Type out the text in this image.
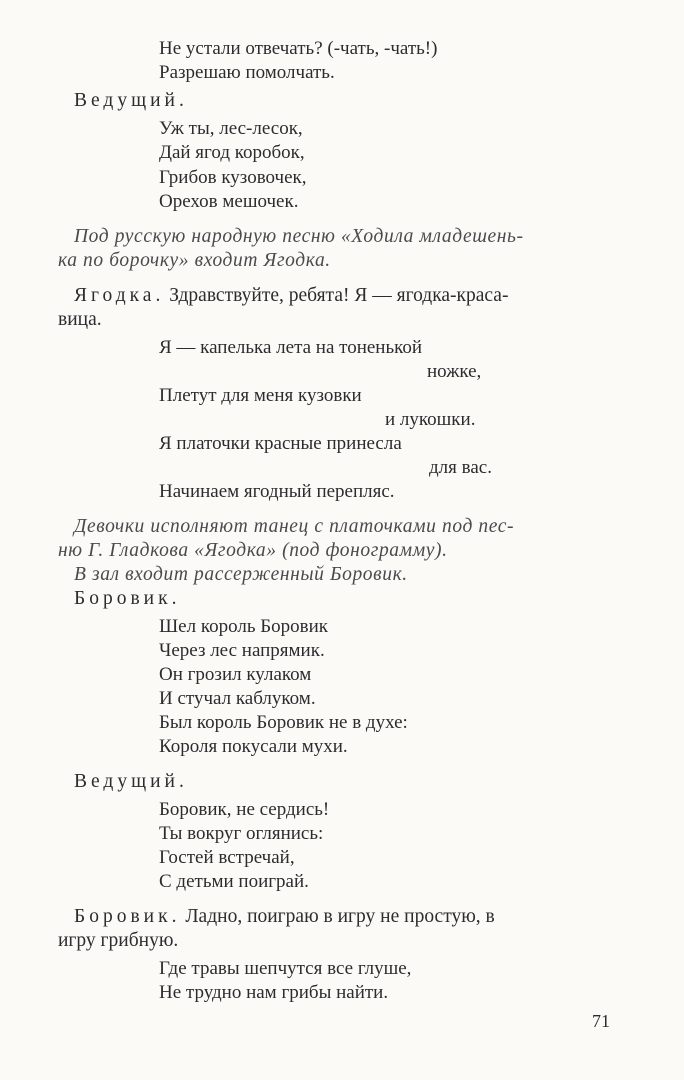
Не устали отвечать? (-чать, -чать!)
Разрешаю помолчать.
Ведущий.
Уж ты, лес-лесок,
Дай ягод коробок,
Грибов кузовочек,
Орехов мешочек.
Под русскую народную песню «Ходила младешень-
ка по борочку» входит Ягодка.
Ягодка. Здравствуйте, ребята! Я — ягодка-краса-
вица.
Я — капелька лета на тоненькой
ножке,
Плетут для меня кузовки
и лукошки.
Я платочки красные принесла
для вас.
Начинаем ягодный перепляс.
Девочки исполняют танец с платочками под пес-
ню Г. Гладкова «Ягодка» (под фонограмму).
В зал входит рассерженный Боровик.
Боровик.
Шел король Боровик
Через лес напрямик.
Он грозил кулаком
И стучал каблуком.
Был король Боровик не в духе:
Короля покусали мухи.
Ведущий.
Боровик, не сердись!
Ты вокруг оглянись:
Гостей встречай,
С детьми поиграй.
Боровик. Ладно, поиграю в игру не простую, в
игру грибную.
Где травы шепчутся все глуше,
Не трудно нам грибы найти.
71
